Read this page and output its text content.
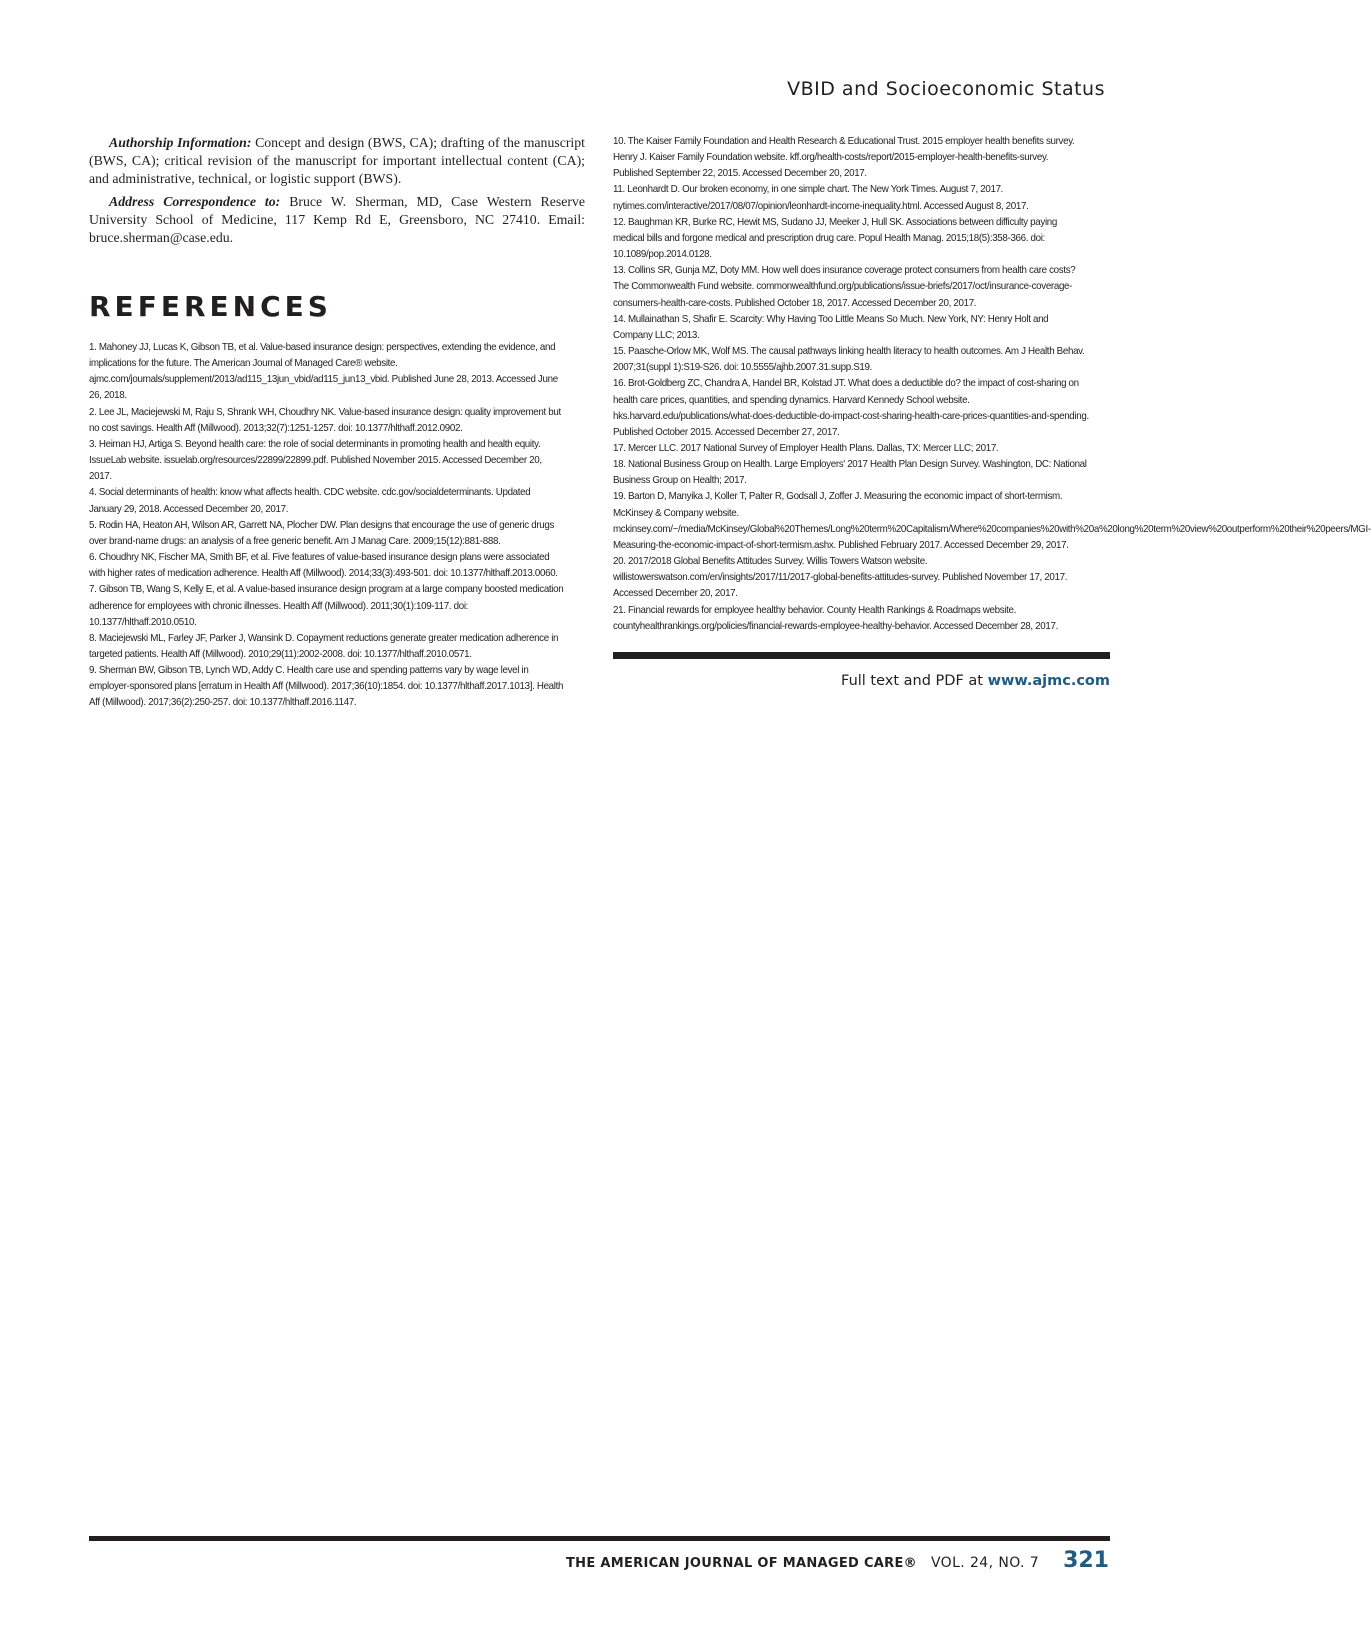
VBID and Socioeconomic Status

Authorship Information: Concept and design (BWS, CA); drafting of the manuscript (BWS, CA); critical revision of the manuscript for important intellectual content (CA); and administrative, technical, or logistic support (BWS).

Address Correspondence to: Bruce W. Sherman, MD, Case Western Reserve University School of Medicine, 117 Kemp Rd E, Greensboro, NC 27410. Email: bruce.sherman@case.edu.

REFERENCES
1. Mahoney JJ, Lucas K, Gibson TB, et al. Value-based insurance design: perspectives, extending the evidence, and implications for the future. The American Journal of Managed Care® website. ajmc.com/journals/supplement/2013/ad115_13jun_vbid/ad115_jun13_vbid. Published June 28, 2013. Accessed June 26, 2018.
2. Lee JL, Maciejewski M, Raju S, Shrank WH, Choudhry NK. Value-based insurance design: quality improvement but no cost savings. Health Aff (Millwood). 2013;32(7):1251-1257. doi: 10.1377/hlthaff.2012.0902.
3. Heiman HJ, Artiga S. Beyond health care: the role of social determinants in promoting health and health equity. IssueLab website. issuelab.org/resources/22899/22899.pdf. Published November 2015. Accessed December 20, 2017.
4. Social determinants of health: know what affects health. CDC website. cdc.gov/socialdeterminants. Updated January 29, 2018. Accessed December 20, 2017.
5. Rodin HA, Heaton AH, Wilson AR, Garrett NA, Plocher DW. Plan designs that encourage the use of generic drugs over brand-name drugs: an analysis of a free generic benefit. Am J Manag Care. 2009;15(12):881-888.
6. Choudhry NK, Fischer MA, Smith BF, et al. Five features of value-based insurance design plans were associated with higher rates of medication adherence. Health Aff (Millwood). 2014;33(3):493-501. doi: 10.1377/hlthaff.2013.0060.
7. Gibson TB, Wang S, Kelly E, et al. A value-based insurance design program at a large company boosted medication adherence for employees with chronic illnesses. Health Aff (Millwood). 2011;30(1):109-117. doi: 10.1377/hlthaff.2010.0510.
8. Maciejewski ML, Farley JF, Parker J, Wansink D. Copayment reductions generate greater medication adherence in targeted patients. Health Aff (Millwood). 2010;29(11):2002-2008. doi: 10.1377/hlthaff.2010.0571.
9. Sherman BW, Gibson TB, Lynch WD, Addy C. Health care use and spending patterns vary by wage level in employer-sponsored plans [erratum in Health Aff (Millwood). 2017;36(10):1854. doi: 10.1377/hlthaff.2017.1013]. Health Aff (Millwood). 2017;36(2):250-257. doi: 10.1377/hlthaff.2016.1147.
10. The Kaiser Family Foundation and Health Research & Educational Trust. 2015 employer health benefits survey. Henry J. Kaiser Family Foundation website. kff.org/health-costs/report/2015-employer-health-benefits-survey. Published September 22, 2015. Accessed December 20, 2017.
11. Leonhardt D. Our broken economy, in one simple chart. The New York Times. August 7, 2017. nytimes.com/interactive/2017/08/07/opinion/leonhardt-income-inequality.html. Accessed August 8, 2017.
12. Baughman KR, Burke RC, Hewit MS, Sudano JJ, Meeker J, Hull SK. Associations between difficulty paying medical bills and forgone medical and prescription drug care. Popul Health Manag. 2015;18(5):358-366. doi: 10.1089/pop.2014.0128.
13. Collins SR, Gunja MZ, Doty MM. How well does insurance coverage protect consumers from health care costs? The Commonwealth Fund website. commonwealthfund.org/publications/issue-briefs/2017/oct/insurance-coverage-consumers-health-care-costs. Published October 18, 2017. Accessed December 20, 2017.
14. Mullainathan S, Shafir E. Scarcity: Why Having Too Little Means So Much. New York, NY: Henry Holt and Company LLC; 2013.
15. Paasche-Orlow MK, Wolf MS. The causal pathways linking health literacy to health outcomes. Am J Health Behav. 2007;31(suppl 1):S19-S26. doi: 10.5555/ajhb.2007.31.supp.S19.
16. Brot-Goldberg ZC, Chandra A, Handel BR, Kolstad JT. What does a deductible do? the impact of cost-sharing on health care prices, quantities, and spending dynamics. Harvard Kennedy School website. hks.harvard.edu/publications/what-does-deductible-do-impact-cost-sharing-health-care-prices-quantities-and-spending. Published October 2015. Accessed December 27, 2017.
17. Mercer LLC. 2017 National Survey of Employer Health Plans. Dallas, TX: Mercer LLC; 2017.
18. National Business Group on Health. Large Employers' 2017 Health Plan Design Survey. Washington, DC: National Business Group on Health; 2017.
19. Barton D, Manyika J, Koller T, Palter R, Godsall J, Zoffer J. Measuring the economic impact of short-termism. McKinsey & Company website. mckinsey.com/~/media/McKinsey/Global%20Themes/Long%20term%20Capitalism/Where%20companies%20with%20a%20long%20term%20view%20outperform%20their%20peers/MGI-Measuring-the-economic-impact-of-short-termism.ashx. Published February 2017. Accessed December 29, 2017.
20. 2017/2018 Global Benefits Attitudes Survey. Willis Towers Watson website. willistowerswatson.com/en/insights/2017/11/2017-global-benefits-attitudes-survey. Published November 17, 2017. Accessed December 20, 2017.
21. Financial rewards for employee healthy behavior. County Health Rankings & Roadmaps website. countyhealthrankings.org/policies/financial-rewards-employee-healthy-behavior. Accessed December 28, 2017.
Full text and PDF at www.ajmc.com
THE AMERICAN JOURNAL OF MANAGED CARE® VOL. 24, NO. 7 321
